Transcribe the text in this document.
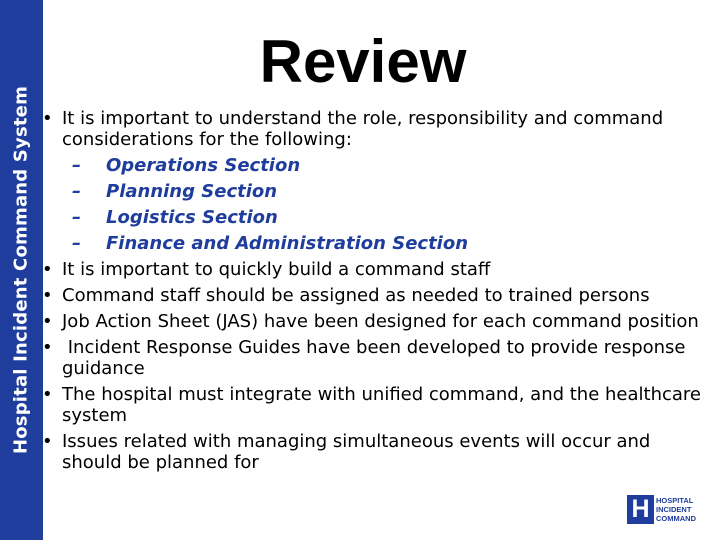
Hospital Incident Command System
Review
• It is important to understand the role, responsibility and command considerations for the following:
– Operations Section
– Planning Section
– Logistics Section
– Finance and Administration Section
• It is important to quickly build a command staff
• Command staff should be assigned as needed to trained persons
• Job Action Sheet (JAS) have been designed for each command position
•  Incident Response Guides have been developed to provide response guidance
• The hospital must integrate with unified command, and the healthcare system
• Issues related with managing simultaneous events will occur and should be planned for
H HOSPITAL
INCIDENT
COMMAND
